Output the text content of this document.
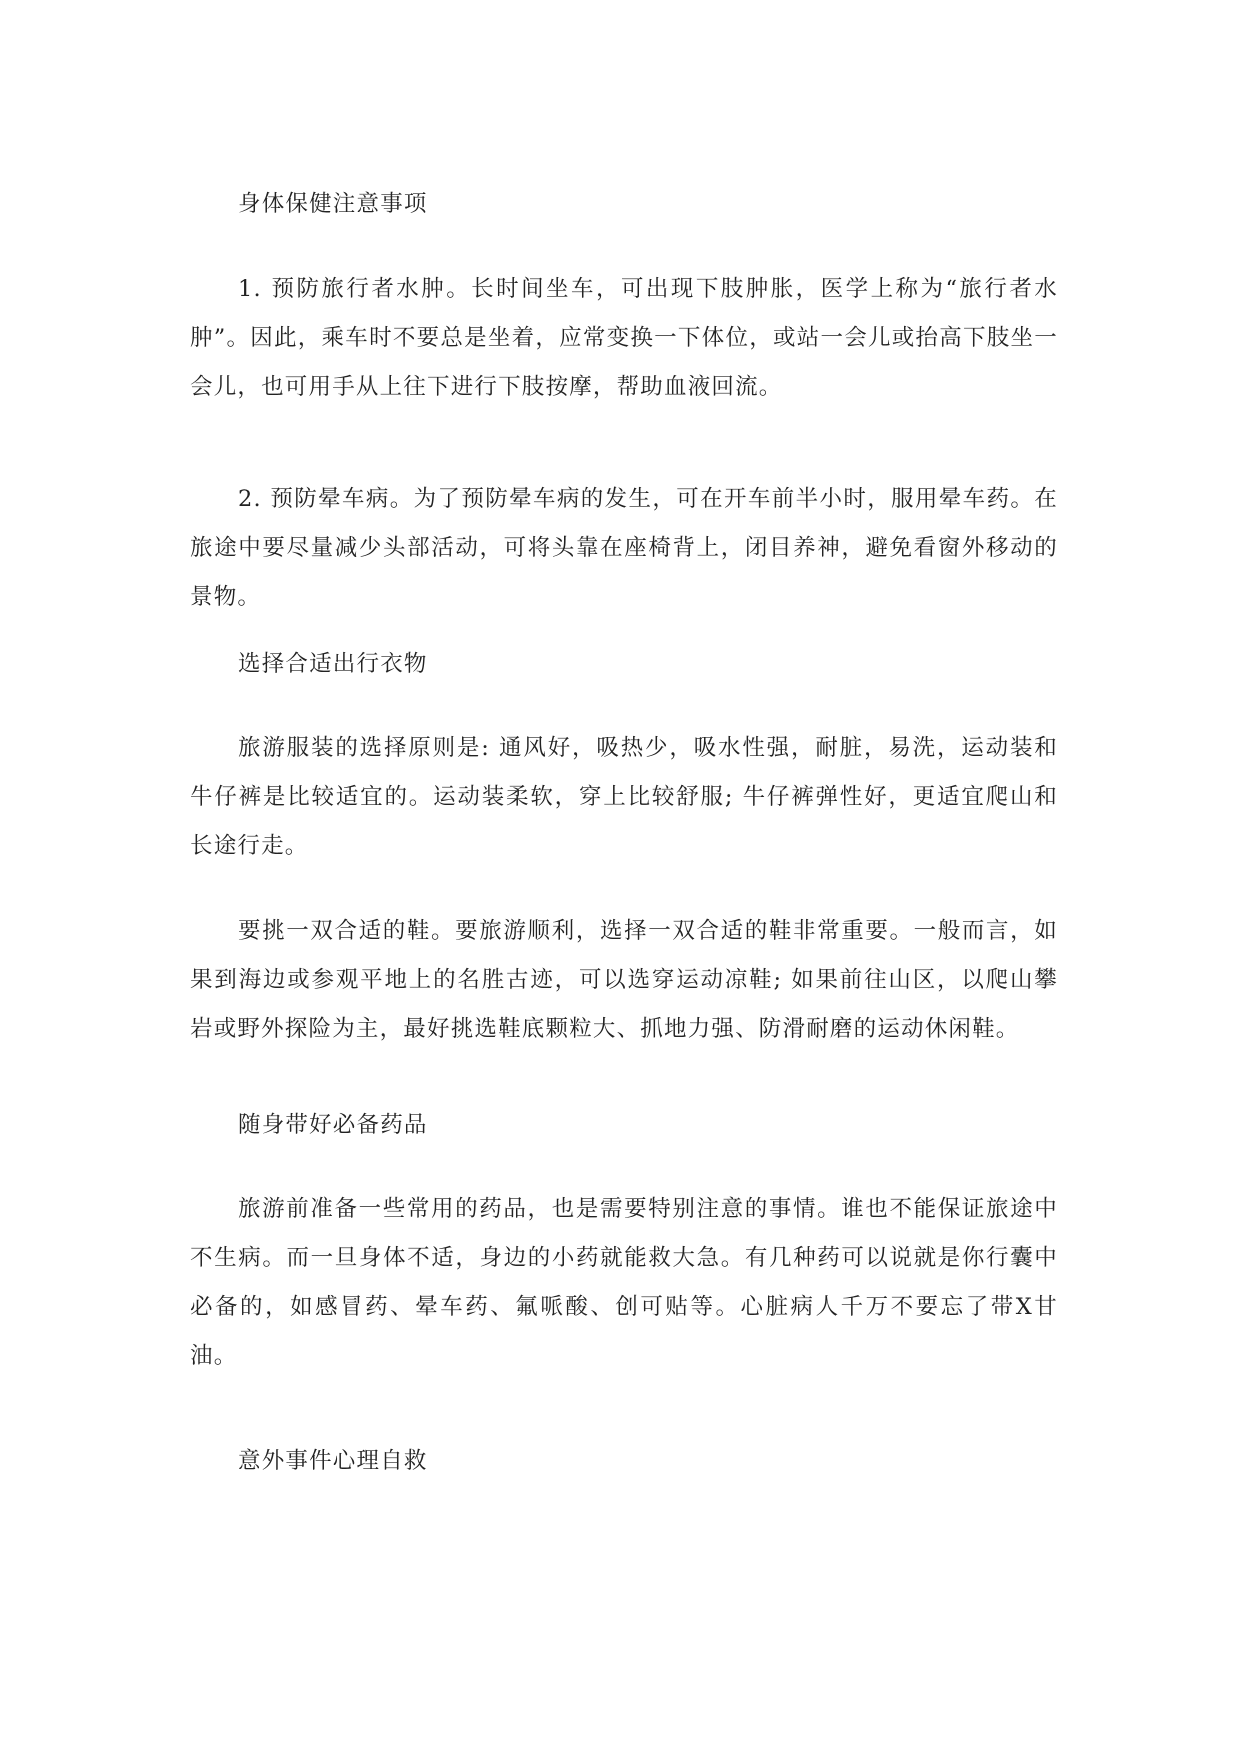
身体保健注意事项

1. 预防旅行者水肿。长时间坐车，可出现下肢肿胀，医学上称为“旅行者水肿”。因此，乘车时不要总是坐着，应常变换一下体位，或站一会儿或抬高下肢坐一会儿，也可用手从上往下进行下肢按摩，帮助血液回流。

2. 预防晕车病。为了预防晕车病的发生，可在开车前半小时，服用晕车药。在旅途中要尽量减少头部活动，可将头靠在座椅背上，闭目养神，避免看窗外移动的景物。

选择合适出行衣物

旅游服装的选择原则是: 通风好，吸热少，吸水性强，耐脏，易洗，运动装和牛仔裤是比较适宜的。运动装柔软，穿上比较舒服; 牛仔裤弹性好，更适宜爬山和长途行走。

要挑一双合适的鞋。要旅游顺利，选择一双合适的鞋非常重要。一般而言，如果到海边或参观平地上的名胜古迹，可以选穿运动凉鞋; 如果前往山区，以爬山攀岩或野外探险为主，最好挑选鞋底颗粒大、抓地力强、防滑耐磨的运动休闲鞋。

随身带好必备药品

旅游前准备一些常用的药品，也是需要特别注意的事情。谁也不能保证旅途中不生病。而一旦身体不适，身边的小药就能救大急。有几种药可以说就是你行囊中必备的，如感冒药、晕车药、氟哌酸、创可贴等。心脏病人千万不要忘了带X甘油。

意外事件心理自救
